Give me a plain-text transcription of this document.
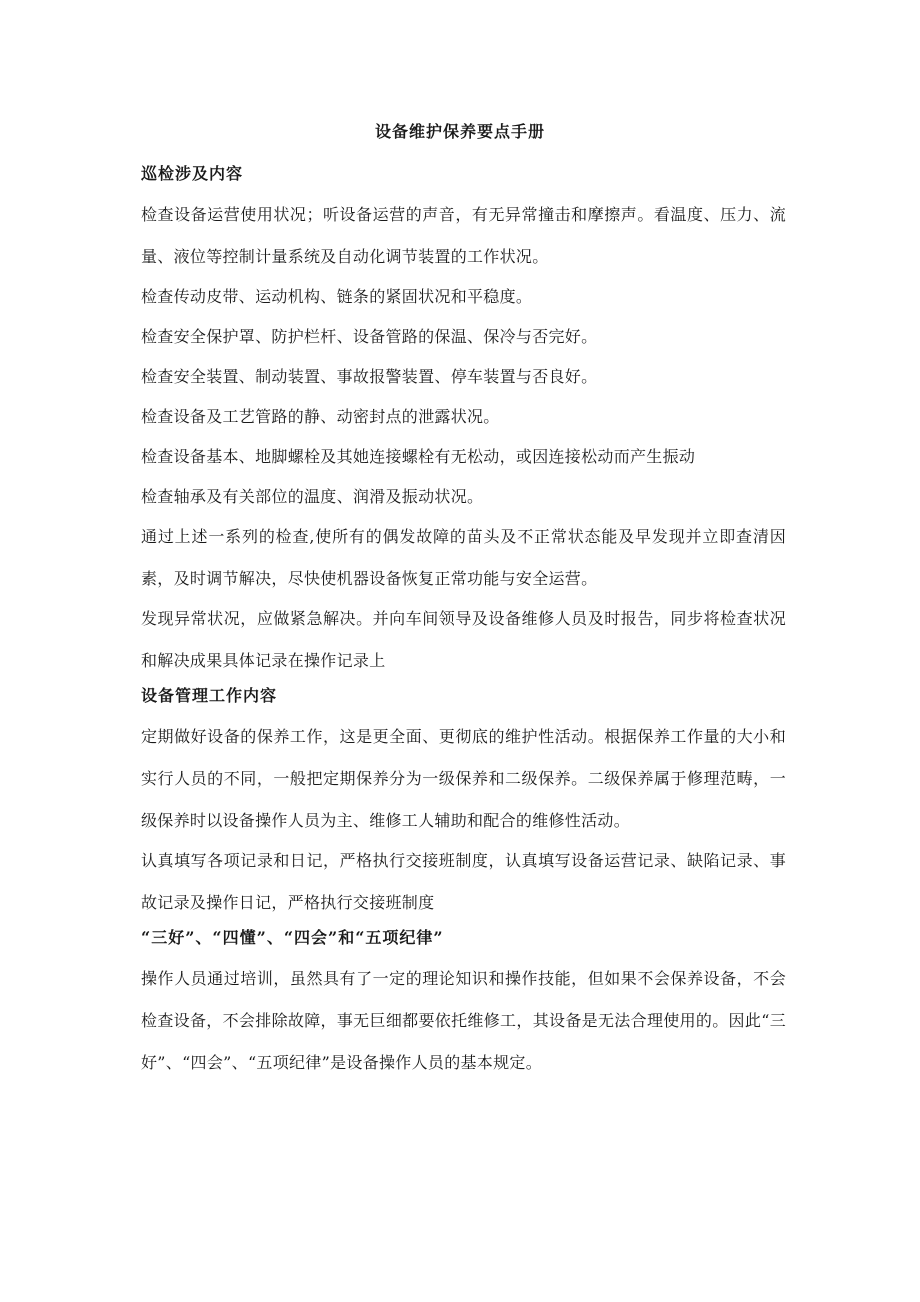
设备维护保养要点手册
巡检涉及内容

检查设备运营使用状况；听设备运营的声音，有无异常撞击和摩擦声。看温度、压力、流量、液位等控制计量系统及自动化调节装置的工作状况。

检查传动皮带、运动机构、链条的紧固状况和平稳度。

检查安全保护罩、防护栏杆、设备管路的保温、保冷与否完好。

检查安全装置、制动装置、事故报警装置、停车装置与否良好。

检查设备及工艺管路的静、动密封点的泄露状况。

检查设备基本、地脚螺栓及其她连接螺栓有无松动，或因连接松动而产生振动

检查轴承及有关部位的温度、润滑及振动状况。

通过上述一系列的检查,使所有的偶发故障的苗头及不正常状态能及早发现并立即查清因素，及时调节解决，尽快使机器设备恢复正常功能与安全运营。

发现异常状况，应做紧急解决。并向车间领导及设备维修人员及时报告，同步将检查状况和解决成果具体记录在操作记录上

设备管理工作内容

定期做好设备的保养工作，这是更全面、更彻底的维护性活动。根据保养工作量的大小和实行人员的不同，一般把定期保养分为一级保养和二级保养。二级保养属于修理范畴，一级保养时以设备操作人员为主、维修工人辅助和配合的维修性活动。

认真填写各项记录和日记，严格执行交接班制度，认真填写设备运营记录、缺陷记录、事故记录及操作日记，严格执行交接班制度

“三好”、“四懂”、“四会”和“五项纪律”

操作人员通过培训，虽然具有了一定的理论知识和操作技能，但如果不会保养设备，不会检查设备，不会排除故障，事无巨细都要依托维修工，其设备是无法合理使用的。因此“三好”、“四会”、“五项纪律”是设备操作人员的基本规定。
